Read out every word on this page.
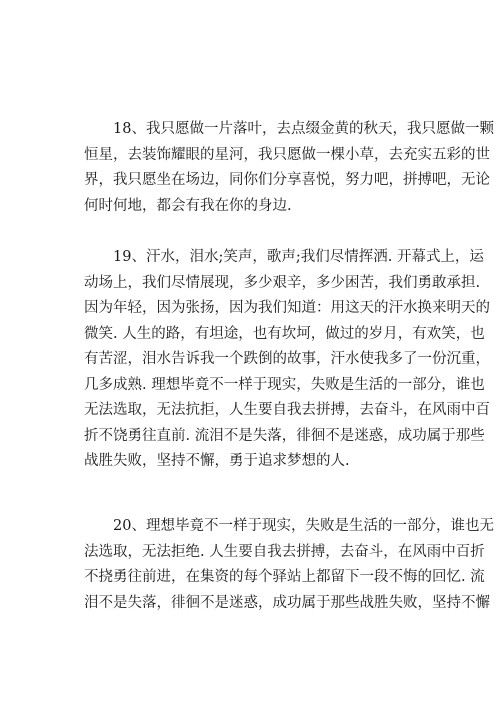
　　18、我只愿做一片落叶，去点缀金黄的秋天，我只愿做一颗
恒星，去装饰耀眼的星河，我只愿做一棵小草，去充实五彩的世
界，我只愿坐在场边，同你们分享喜悦，努力吧，拼搏吧，无论
何时何地，都会有我在你的身边.

　　19、汗水，泪水;笑声，歌声;我们尽情挥洒. 开幕式上，运
动场上，我们尽情展现，多少艰辛，多少困苦，我们勇敢承担.
因为年轻，因为张扬，因为我们知道：用这天的汗水换来明天的
微笑. 人生的路，有坦途，也有坎坷，做过的岁月，有欢笑，也
有苦涩，泪水告诉我一个跌倒的故事，汗水使我多了一份沉重，
几多成熟. 理想毕竟不一样于现实，失败是生活的一部分，谁也
无法选取，无法抗拒，人生要自我去拼搏，去奋斗，在风雨中百
折不饶勇往直前. 流泪不是失落，徘徊不是迷惑，成功属于那些
战胜失败，坚持不懈，勇于追求梦想的人.

　　20、理想毕竟不一样于现实，失败是生活的一部分，谁也无
法选取，无法拒绝. 人生要自我去拼搏，去奋斗，在风雨中百折
不挠勇往前进，在集资的每个驿站上都留下一段不悔的回忆. 流
泪不是失落，徘徊不是迷惑，成功属于那些战胜失败，坚持不懈
